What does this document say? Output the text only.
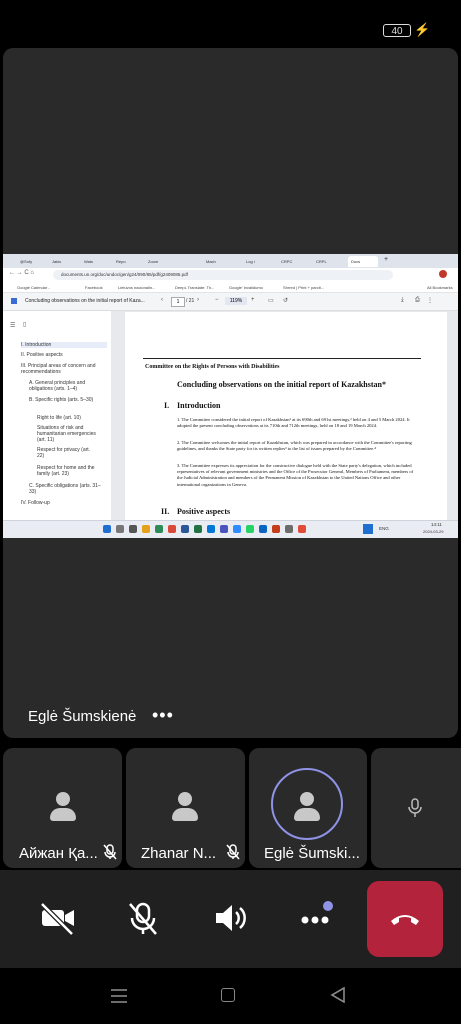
40 ⚡
@Sofy	Jakis	Wats	Repo	Zoom	Mach	Log i	CRPC	CRPL	Docs	+
← → C ⌂	documents.un.org/doc/undoc/gen/g24/090/85/pdf/g2409085.pdf
Google Calendar -	Facebook	Lietuvos nacionalin...	DeepL Translate: Th...	Google' invalidumo	Shrred | Print + parcti...	All Bookmarks
Concluding observations on the initial report of Kaza...	‹	1	/ 21 ›	−	119%	+ ▭ ↺	⤓ ⎙ ⋮
☰ ▯
I. Introduction
II. Positive aspects
III. Principal areas of concern and recommendations
A. General principles and obligations (arts. 1–4)
B. Specific rights (arts. 5–30)
Right to life (art. 10)
Situations of risk and humanitarian emergencies (art. 11)
Respect for privacy (art. 22)
Respect for home and the family (art. 23)
C. Specific obligations (arts. 31–33)
IV. Follow-up
Committee on the Rights of Persons with Disabilities
Concluding observations on the initial report of Kazakhstan*
I. Introduction
1. The Committee considered the initial report of Kazakhstan¹ at its 690th and 691st meetings,² held on 4 and 5 March 2024. It adopted the present concluding observations at its 710th and 712th meetings, held on 18 and 19 March 2024.
2. The Committee welcomes the initial report of Kazakhstan, which was prepared in accordance with the Committee's reporting guidelines, and thanks the State party for its written replies³ to the list of issues prepared by the Committee.⁴
3. The Committee expresses its appreciation for the constructive dialogue held with the State party's delegation, which included representatives of relevant government ministries and the Office of the Prosecutor General, Members of Parliament, members of the Judicial Administration and members of the Permanent Mission of Kazakhstan to the United Nations Office and other international organizations in Geneva.
II. Positive aspects
ENG
14:11
2024-03-29
Eglė Šumskienė •••
Айжан Қа...	Zhanar N...	Eglė Šumski...
